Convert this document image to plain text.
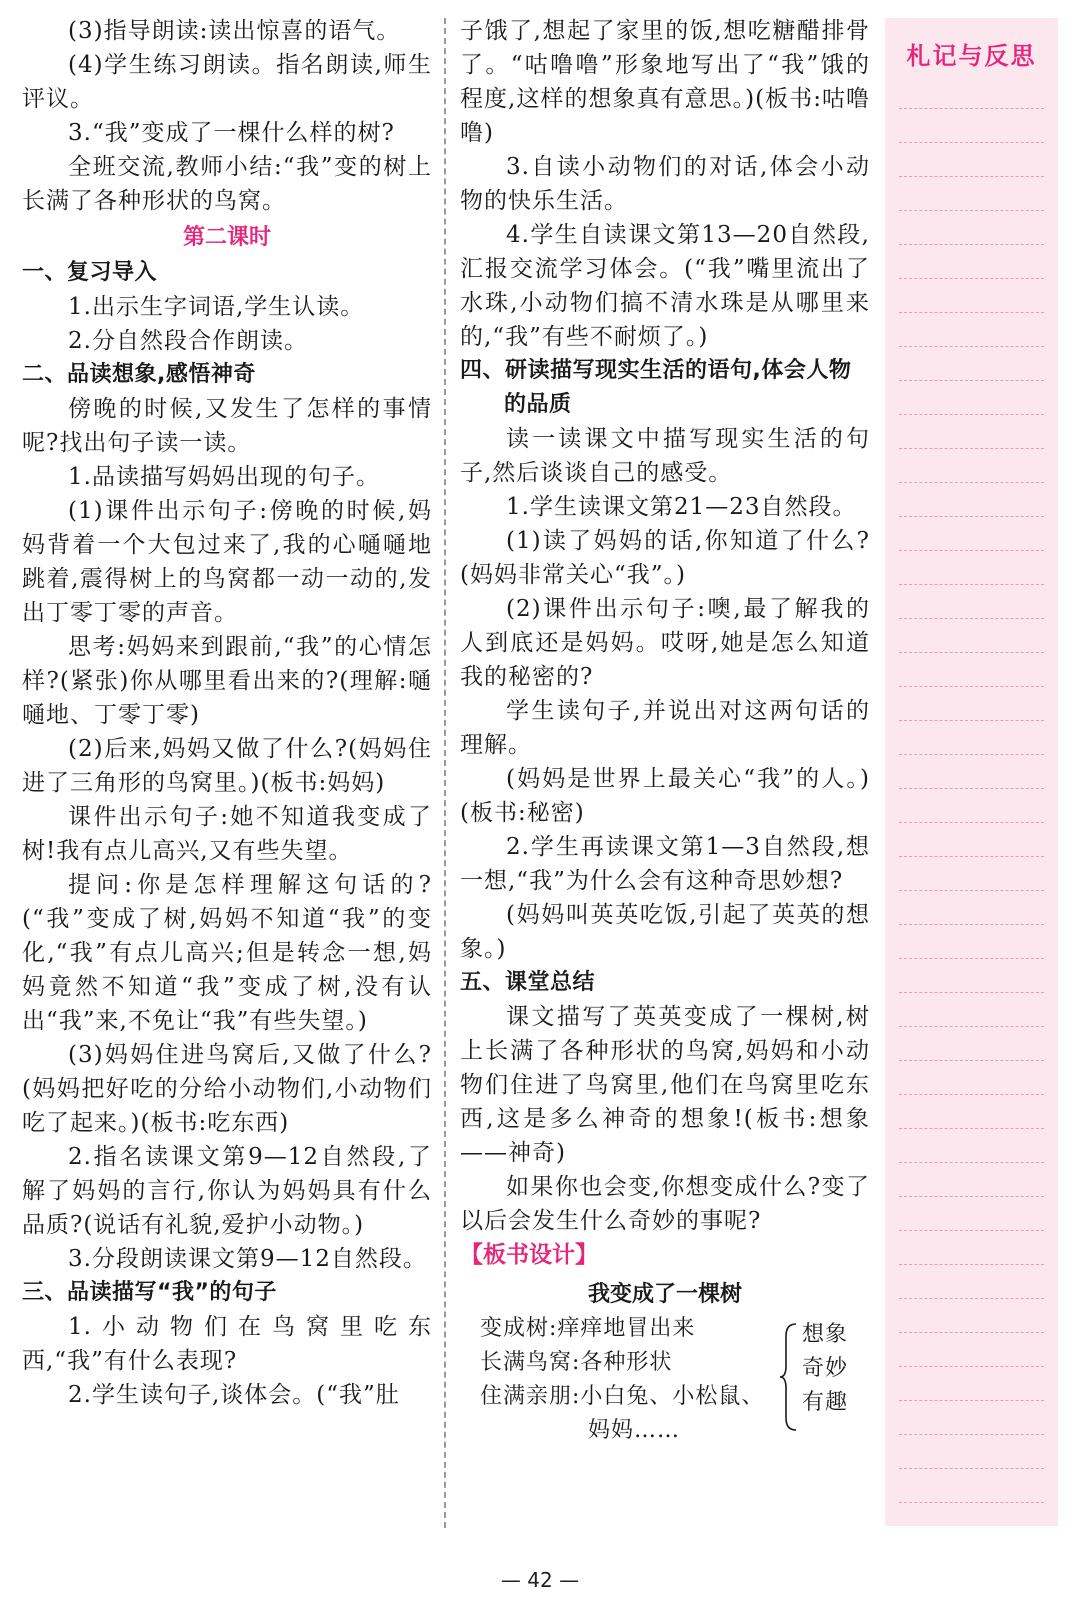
(3)指导朗读:读出惊喜的语气。

(4)学生练习朗读。指名朗读,师生评议。

3.“我”变成了一棵什么样的树?

全班交流,教师小结:“我”变的树上长满了各种形状的鸟窝。

第二课时

一、复习导入

1.出示生字词语,学生认读。

2.分自然段合作朗读。

二、品读想象,感悟神奇

傍晚的时候,又发生了怎样的事情呢?找出句子读一读。

1.品读描写妈妈出现的句子。

(1)课件出示句子:傍晚的时候,妈妈背着一个大包过来了,我的心嗵嗵地跳着,震得树上的鸟窝都一动一动的,发出丁零丁零的声音。

思考:妈妈来到跟前,“我”的心情怎样?(紧张)你从哪里看出来的?(理解:嗵嗵地、丁零丁零)

(2)后来,妈妈又做了什么?(妈妈住进了三角形的鸟窝里。)(板书:妈妈)

课件出示句子:她不知道我变成了树!我有点儿高兴,又有些失望。

提问:你是怎样理解这句话的?(“我”变成了树,妈妈不知道“我”的变化,“我”有点儿高兴;但是转念一想,妈妈竟然不知道“我”变成了树,没有认出“我”来,不免让“我”有些失望。)

(3)妈妈住进鸟窝后,又做了什么?(妈妈把好吃的分给小动物们,小动物们吃了起来。)(板书:吃东西)

2.指名读课文第9—12自然段,了解了妈妈的言行,你认为妈妈具有什么品质?(说话有礼貌,爱护小动物。)

3.分段朗读课文第9—12自然段。

三、品读描写“我”的句子

1.小动物们在鸟窝里吃东西,“我”有什么表现?

2.学生读句子,谈体会。(“我”肚

子饿了,想起了家里的饭,想吃糖醋排骨了。“咕噜噜”形象地写出了“我”饿的程度,这样的想象真有意思。)(板书:咕噜噜)

3.自读小动物们的对话,体会小动物的快乐生活。

4.学生自读课文第13—20自然段,汇报交流学习体会。(“我”嘴里流出了水珠,小动物们搞不清水珠是从哪里来的,“我”有些不耐烦了。)

四、研读描写现实生活的语句,体会人物的品质

读一读课文中描写现实生活的句子,然后谈谈自己的感受。

1.学生读课文第21—23自然段。

(1)读了妈妈的话,你知道了什么?(妈妈非常关心“我”。)

(2)课件出示句子:噢,最了解我的人到底还是妈妈。哎呀,她是怎么知道我的秘密的?

学生读句子,并说出对这两句话的理解。

(妈妈是世界上最关心“我”的人。)(板书:秘密)

2.学生再读课文第1—3自然段,想一想,“我”为什么会有这种奇思妙想?

(妈妈叫英英吃饭,引起了英英的想象。)

五、课堂总结

课文描写了英英变成了一棵树,树上长满了各种形状的鸟窝,妈妈和小动物们住进了鸟窝里,他们在鸟窝里吃东西,这是多么神奇的想象!(板书:想象——神奇)

如果你也会变,你想变成什么?变了以后会发生什么奇妙的事呢?

【板书设计】

我变成了一棵树

变成树:痒痒地冒出来
长满鸟窝:各种形状
住满亲朋:小白兔、小松鼠、
妈妈……
想象
奇妙
有趣
札记与反思
— 42 —
